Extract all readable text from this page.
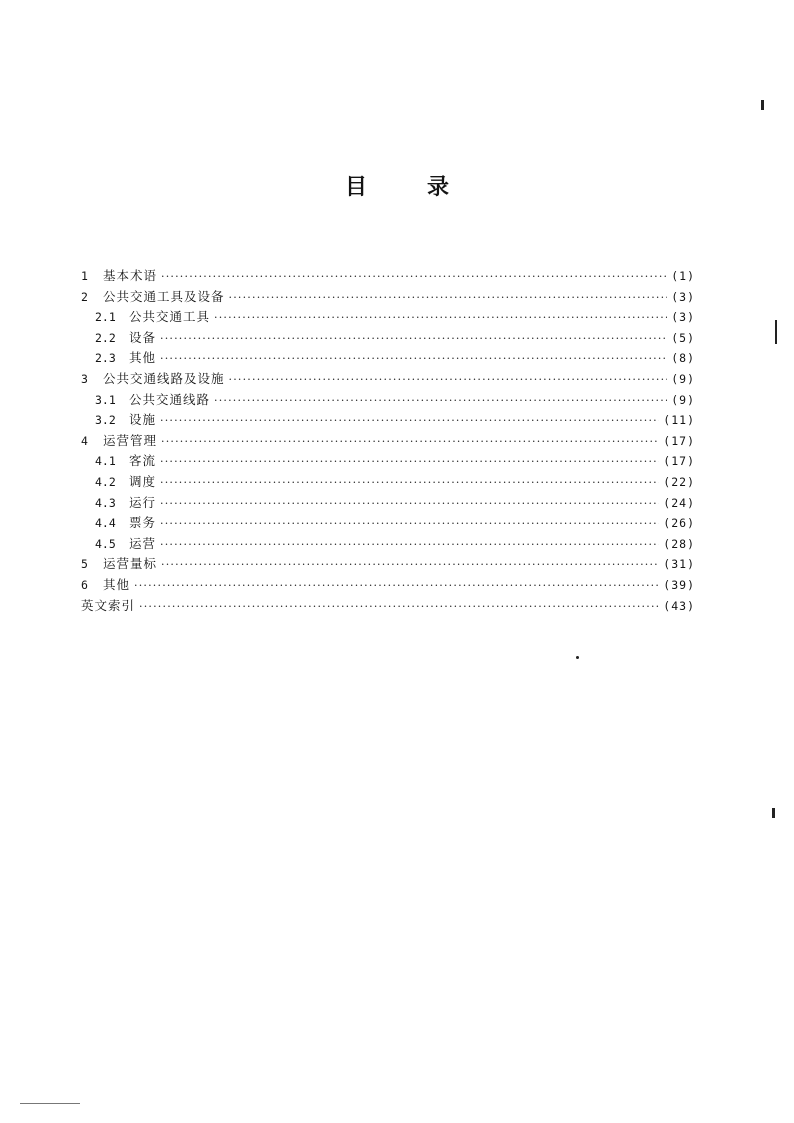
目录
1	基本术语 ·····	(1)
2	公共交通工具及设备 ·····	(3)
2.1	公共交通工具 ·····	(3)
2.2	设备 ·····	(5)
2.3	其他 ·····	(8)
3	公共交通线路及设施 ·····	(9)
3.1	公共交通线路 ·····	(9)
3.2	设施 ·····	(11)
4	运营管理 ·····	(17)
4.1	客流 ·····	(17)
4.2	调度 ·····	(22)
4.3	运行 ·····	(24)
4.4	票务 ·····	(26)
4.5	运营 ·····	(28)
5	运营量标 ·····	(31)
6	其他 ·····	(39)
英文索引 ·····	(43)
